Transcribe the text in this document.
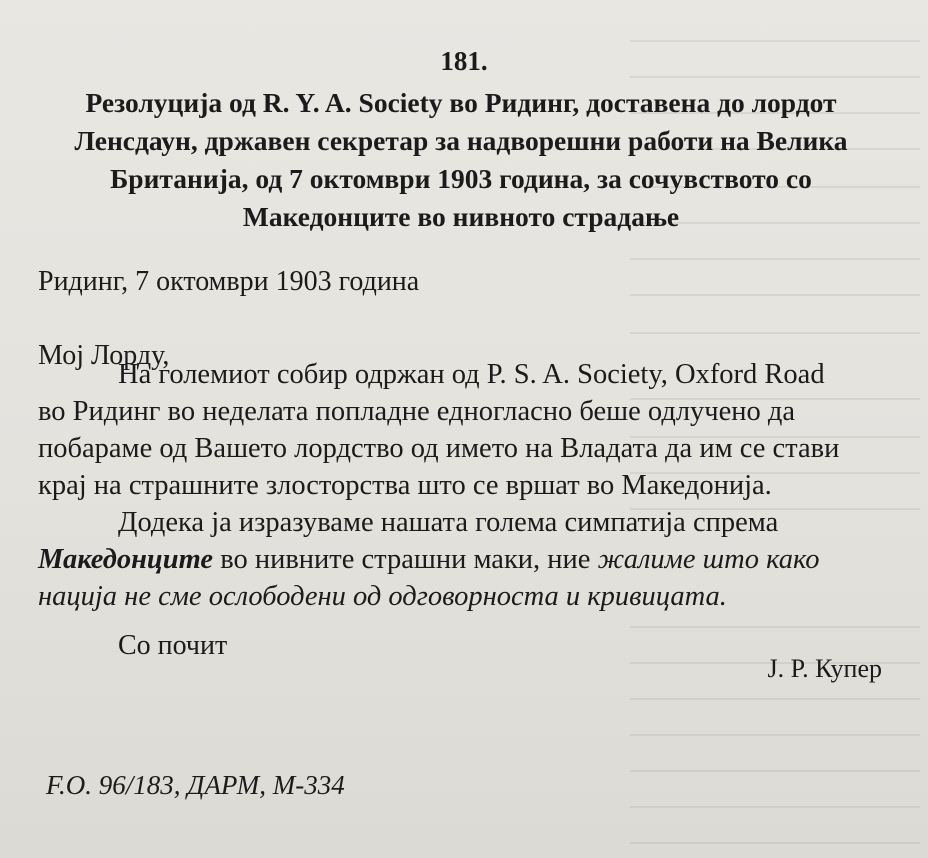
181.
Резолуција од R. Y. A. Society во Ридинг, доставена до лордот
Ленсдаун, државен секретар за надворешни работи на Велика
Британија, од 7 октомври 1903 година, за сочувството со
Македонците во нивното страдање
Ридинг, 7 октомври 1903 година
Мој Лорду,
На големиот собир одржан од P. S. A. Society, Oxford Road
во Ридинг во неделата попладне едногласно беше одлучено да
побараме од Вашето лордство од името на Владата да им се стави
крај на страшните злосторства што се вршат во Македонија.
Додека ја изразуваме нашата голема симпатија спрема
Македонците во нивните страшни маки, ние жалиме што како
нација не сме ослободени од одговорноста и кривицата.
Со почит
J. P. Купер
F.O. 96/183, ДАРМ, М-334
